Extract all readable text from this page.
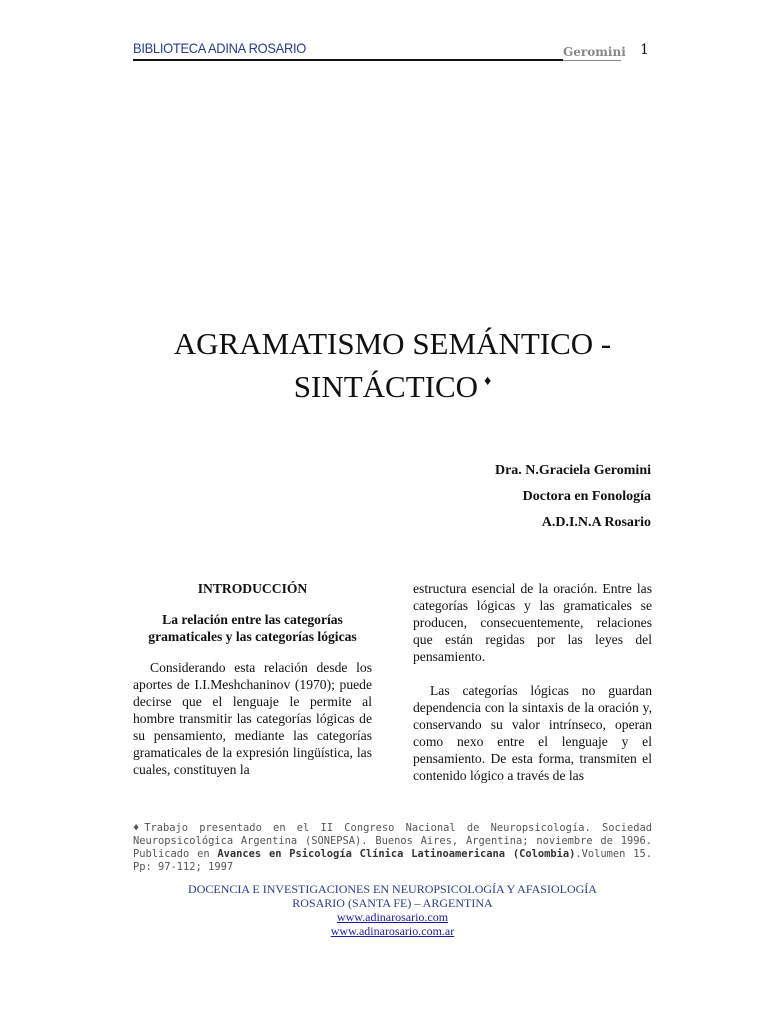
BIBLIOTECA ADINA ROSARIO	Geromini 1
AGRAMATISMO SEMÁNTICO -
SINTÁCTICO ♦
Dra. N.Graciela Geromini
Doctora en Fonología
A.D.I.N.A Rosario
INTRODUCCIÓN
La relación entre las categorías gramaticales y las categorías lógicas

Considerando esta relación desde los aportes de I.I.Meshchaninov (1970); puede decirse que el lenguaje le permite al hombre transmitir las categorías lógicas de su pensamiento, mediante las categorías gramaticales de la expresión lingüística, las cuales, constituyen la

estructura esencial de la oración. Entre las categorías lógicas y las gramaticales se producen, consecuentemente, relaciones que están regidas por las leyes del pensamiento.

Las categorías lógicas no guardan dependencia con la sintaxis de la oración y, conservando su valor intrínseco, operan como nexo entre el lenguaje y el pensamiento. De esta forma, transmiten el contenido lógico a través de las

♦Trabajo presentado en el II Congreso Nacional de Neuropsicología. Sociedad Neuropsicológica Argentina (SONEPSA). Buenos Aires, Argentina; noviembre de 1996. Publicado en Avances en Psicología Clínica Latinoamericana (Colombia).Volumen 15. Pp: 97-112; 1997
DOCENCIA E INVESTIGACIONES EN NEUROPSICOLOGÍA Y AFASIOLOGÍA
ROSARIO (SANTA FE) – ARGENTINA
www.adinarosario.com
www.adinarosario.com.ar
